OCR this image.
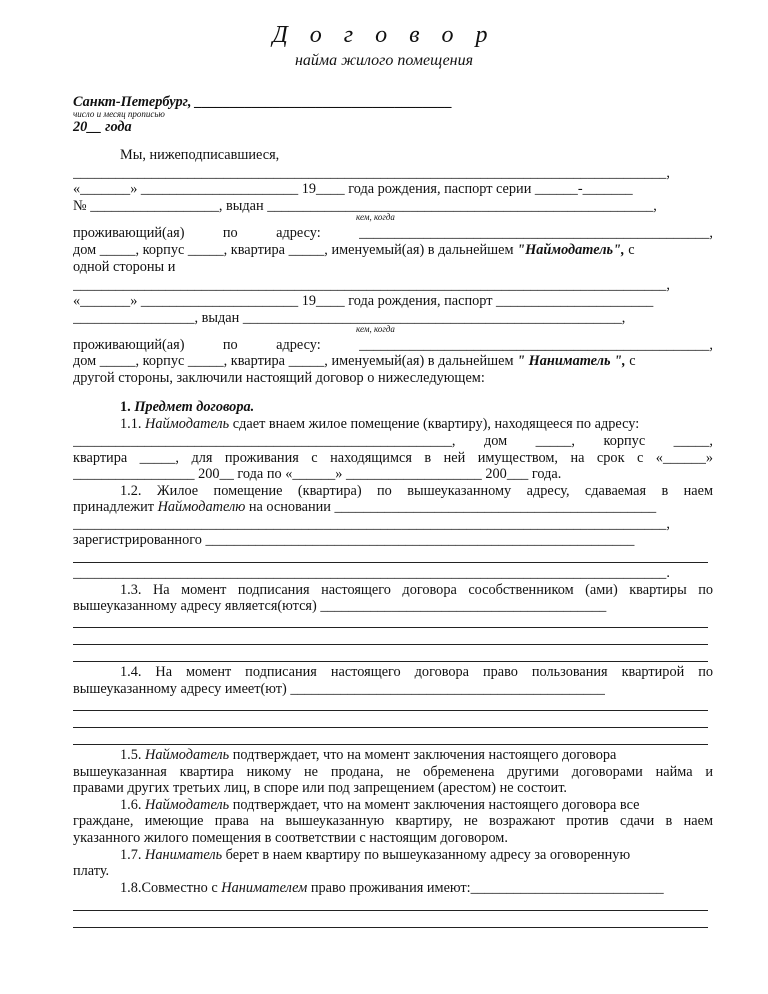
Д о г о в о р
найма жилого помещения
Санкт-Петербург, ____________________________________
число и месяц прописью
20__ года
Мы, нижеподписавшиеся,
___________________________________________________________________________________,
«_______» ______________________ 19____ года рождения, паспорт серии ______-_______
№ __________________, выдан ______________________________________________________,
кем, когда
проживающий(ая) по адресу: _________________________________________________,
дом _____, корпус _____, квартира _____, именуемый(ая) в дальнейшем "Наймодатель", с
одной стороны и
___________________________________________________________________________________,
«_______» ______________________ 19____ года рождения, паспорт ______________________
_________________, выдан _____________________________________________________,
кем, когда
проживающий(ая) по адресу: _________________________________________________,
дом _____, корпус _____, квартира _____, именуемый(ая) в дальнейшем " Наниматель ", с
другой стороны, заключили настоящий договор о нижеследующем:
1. Предмет договора.
1.1. Наймодатель сдает внаем жилое помещение (квартиру), находящееся по адресу:
_____________________________________________________, дом _____, корпус _____,
квартира _____, для проживания с находящимся в ней имуществом, на срок с «______»
_________________ 200__ года по «______» ___________________ 200___ года.
1.2. Жилое помещение (квартира) по вышеуказанному адресу, сдаваемая в наем
принадлежит Наймодателю на основании _____________________________________________
___________________________________________________________________________________,
зарегистрированного ____________________________________________________________
___________________________________________________________________________________.
1.3. На момент подписания настоящего договора сособственником (ами) квартиры по
вышеуказанному адресу является(ются) ________________________________________
1.4. На момент подписания настоящего договора право пользования квартирой по
вышеуказанному адресу имеет(ют) ____________________________________________
1.5. Наймодатель подтверждает, что на момент заключения настоящего договора
вышеуказанная квартира никому не продана, не обременена другими договорами найма и
правами других третьих лиц, в споре или под запрещением (арестом) не состоит.
1.6. Наймодатель подтверждает, что на момент заключения настоящего договора все
граждане, имеющие права на вышеуказанную квартиру, не возражают против сдачи в наем
указанного жилого помещения в соответствии с настоящим договором.
1.7. Наниматель берет в наем квартиру по вышеуказанному адресу за оговоренную
плату.
1.8.Совместно с Нанимателем право проживания имеют:___________________________
